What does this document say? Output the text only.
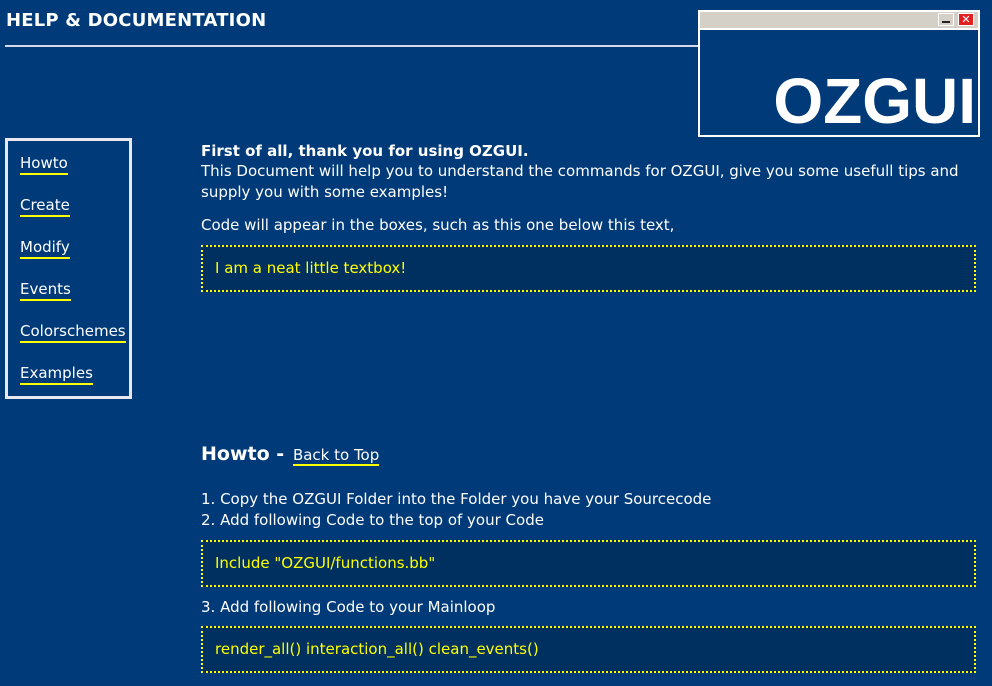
HELP & DOCUMENTATION	✕
OZGUI
Howto
Create
Modify
Events
Colorschemes
Examples
First of all, thank you for using OZGUI.
This Document will help you to understand the commands for OZGUI, give you some usefull tips and supply you with some examples!
Code will appear in the boxes, such as this one below this text,
I am a neat little textbox!
Howto - Back to Top
1. Copy the OZGUI Folder into the Folder you have your Sourcecode
2. Add following Code to the top of your Code
Include "OZGUI/functions.bb"
3. Add following Code to your Mainloop
render_all() interaction_all() clean_events()
